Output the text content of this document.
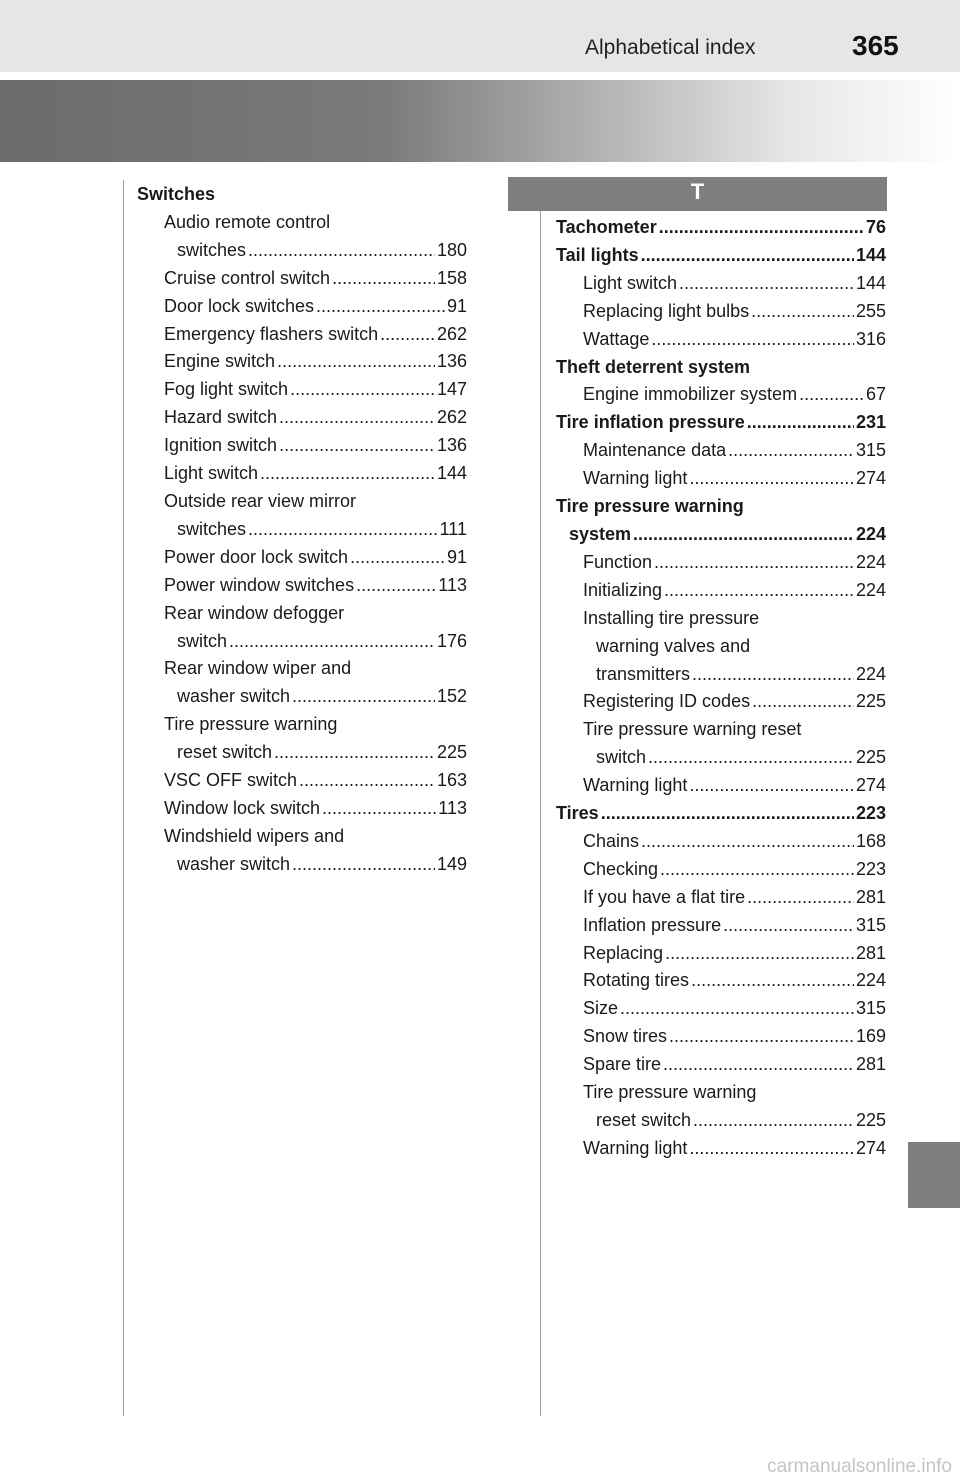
Alphabetical index	365
T
Switches
Audio remote control
switches .....	180
Cruise control switch .....	158
Door lock switches .....	91
Emergency flashers switch .....	262
Engine switch .....	136
Fog light switch .....	147
Hazard switch .....	262
Ignition switch .....	136
Light switch .....	144
Outside rear view mirror
switches .....	111
Power door lock switch .....	91
Power window switches .....	113
Rear window defogger
switch .....	176
Rear window wiper and
washer switch .....	152
Tire pressure warning
reset switch .....	225
VSC OFF switch .....	163
Window lock switch .....	113
Windshield wipers and
washer switch .....	149
Tachometer .....	76
Tail lights .....	144
Light switch .....	144
Replacing light bulbs .....	255
Wattage .....	316
Theft deterrent system
Engine immobilizer system .....	67
Tire inflation pressure .....	231
Maintenance data .....	315
Warning light .....	274
Tire pressure warning
system .....	224
Function .....	224
Initializing .....	224
Installing tire pressure
warning valves and
transmitters .....	224
Registering ID codes .....	225
Tire pressure warning reset
switch .....	225
Warning light .....	274
Tires .....	223
Chains .....	168
Checking .....	223
If you have a flat tire .....	281
Inflation pressure .....	315
Replacing .....	281
Rotating tires .....	224
Size .....	315
Snow tires .....	169
Spare tire .....	281
Tire pressure warning
reset switch .....	225
Warning light .....	274
carmanualsonline.info
